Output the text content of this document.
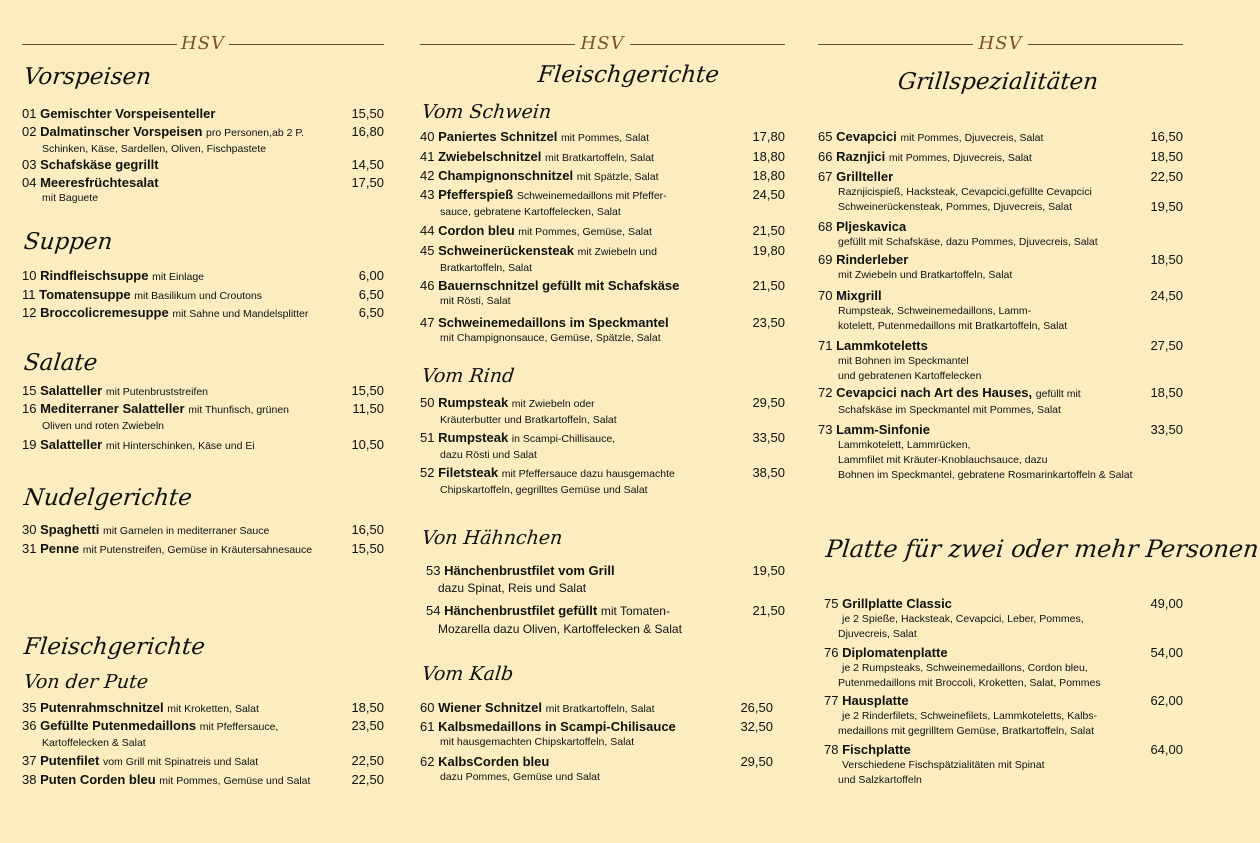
HSV
Vorspeisen
01 Gemischter Vorspeisenteller	15,50
02 Dalmatinscher Vorspeisen pro Personen,ab 2 P.	16,80
Schinken, Käse, Sardellen, Oliven, Fischpastete
03 Schafskäse gegrillt	14,50
04 Meeresfrüchtesalat	17,50
mit Baguete
Suppen
10 Rindfleischsuppe mit Einlage	6,00
11 Tomatensuppe mit Basilikum und Croutons	6,50
12 Broccolicremesuppe mit Sahne und Mandelsplitter	6,50
Salate
15 Salatteller mit Putenbruststreifen	15,50
16 Mediterraner Salatteller mit Thunfisch, grünen	11,50
Oliven und roten Zwiebeln
19 Salatteller mit Hinterschinken, Käse und Ei	10,50
Nudelgerichte
30 Spaghetti mit Garnelen in mediterraner Sauce	16,50
31 Penne mit Putenstreifen, Gemüse in Kräutersahnesauce	15,50
Fleischgerichte
Von der Pute
35 Putenrahmschnitzel mit Kroketten, Salat	18,50
36 Gefüllte Putenmedaillons mit Pfeffersauce,	23,50
Kartoffelecken & Salat
37 Putenfilet vom Grill mit Spinatreis und Salat	22,50
38 Puten Corden bleu mit Pommes, Gemüse und Salat	22,50
HSV
Fleischgerichte
Vom Schwein
40 Paniertes Schnitzel mit Pommes, Salat	17,80
41 Zwiebelschnitzel mit Bratkartoffeln, Salat	18,80
42 Champignonschnitzel mit Spätzle, Salat	18,80
43 Pfefferspieß Schweinemedaillons mit Pfeffer-	24,50
sauce, gebratene Kartoffelecken, Salat
44 Cordon bleu mit Pommes, Gemüse, Salat	21,50
45 Schweinerückensteak mit Zwiebeln und	19,80
Bratkartoffeln, Salat
46 Bauernschnitzel gefüllt mit Schafskäse	21,50
mit Rösti, Salat
47 Schweinemedaillons im Speckmantel	23,50
mit Champignonsauce, Gemüse, Spätzle, Salat
Vom Rind
50 Rumpsteak mit Zwiebeln oder	29,50
Kräuterbutter und Bratkartoffeln, Salat
51 Rumpsteak in Scampi-Chillisauce,	33,50
dazu Rösti und Salat
52 Filetsteak mit Pfeffersauce dazu hausgemachte	38,50
Chipskartoffeln, gegrilltes Gemüse und Salat
Von Hähnchen
53 Hänchenbrustfilet vom Grill	19,50
dazu Spinat, Reis und Salat
54 Hänchenbrustfilet gefüllt mit Tomaten-	21,50
Mozarella dazu Oliven, Kartoffelecken & Salat
Vom Kalb
60 Wiener Schnitzel mit Bratkartoffeln, Salat	26,50
61 Kalbsmedaillons in Scampi-Chilisauce	32,50
mit hausgemachten Chipskartoffeln, Salat
62 KalbsCorden bleu	29,50
dazu Pommes, Gemüse und Salat
HSV
Grillspezialitäten
65 Cevapcici mit Pommes, Djuvecreis, Salat	16,50
66 Raznjici mit Pommes, Djuvecreis, Salat	18,50
67 Grillteller	22,50
Raznjicispieß, Hacksteak, Cevapcici,gefüllte Cevapcici
Schweinerückensteak, Pommes, Djuvecreis, Salat	19,50
68 Pljeskavica
gefüllt mit Schafskäse, dazu Pommes, Djuvecreis, Salat
69 Rinderleber	18,50
mit Zwiebeln und Bratkartoffeln, Salat
70 Mixgrill	24,50
Rumpsteak, Schweinemedaillons, Lamm-
kotelett, Putenmedaillons mit Bratkartoffeln, Salat
71 Lammkoteletts	27,50
mit Bohnen im Speckmantel
und gebratenen Kartoffelecken
72 Cevapcici nach Art des Hauses, gefüllt mit	18,50
Schafskäse im Speckmantel mit Pommes, Salat
73 Lamm-Sinfonie	33,50
Lammkotelett, Lammrücken,
Lammfilet mit Kräuter-Knoblauchsauce, dazu
Bohnen im Speckmantel, gebratene Rosmarinkartoffeln & Salat
Platte für zwei oder mehr Personen
75 Grillplatte Classic	49,00
je 2 Spieße, Hacksteak, Cevapcici, Leber, Pommes,
Djuvecreis, Salat
76 Diplomatenplatte	54,00
je 2 Rumpsteaks, Schweinemedaillons, Cordon bleu,
Putenmedaillons mit Broccoli, Kroketten, Salat, Pommes
77 Hausplatte	62,00
je 2 Rinderfilets, Schweinefilets, Lammkoteletts, Kalbs-
medaillons mit gegrilltem Gemüse, Bratkartoffeln, Salat
78 Fischplatte	64,00
Verschiedene Fischspätzialitäten mit Spinat
und Salzkartoffeln
